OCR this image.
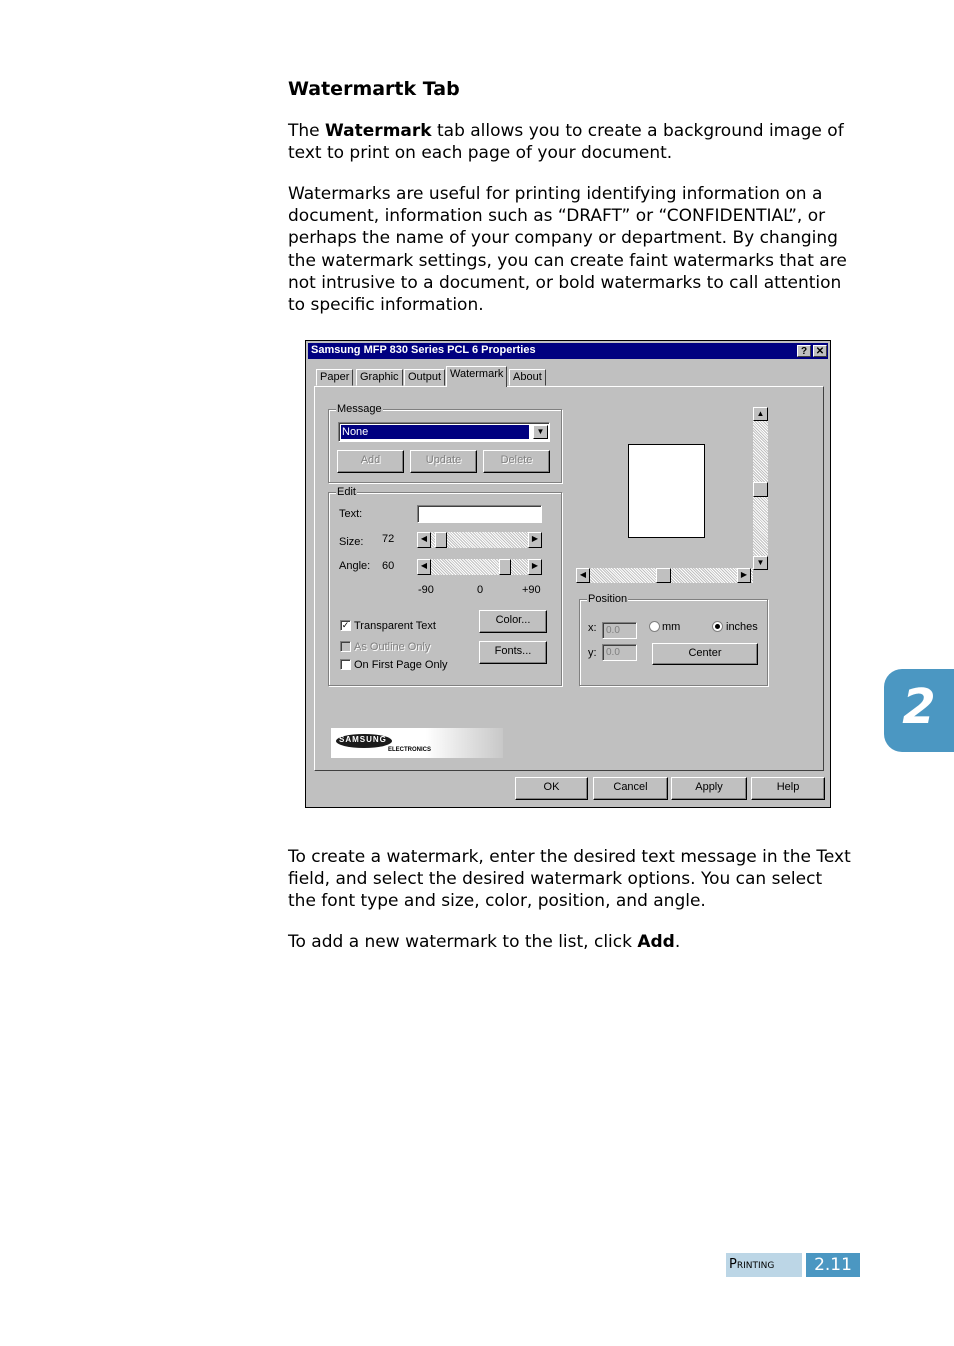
Watermartk Tab

The Watermark tab allows you to create a background image of text to print on each page of your document.

Watermarks are useful for printing identifying information on a document, information such as “DRAFT” or “CONFIDENTIAL”, or perhaps the name of your company or department. By changing the watermark settings, you can create faint watermarks that are not intrusive to a document, or bold watermarks to call attention to specific information.

Samsung MFP 830 Series PCL 6 Properties	? ✕
Paper Graphic Output Watermark About
Message
None	▼
Add	Update	Delete
Edit
Text:
Size: 72	◀	▶
Angle: 60	◀	▶
-90	0	+90
✓ Transparent Text
As Outline Only
On First Page Only
Color...
Fonts...
▲
▼
◀	▶
Position
x: 0.0
y: 0.0
mm	inches
Center
SAMSUNG
ELECTRONICS
OK	Cancel	Apply	Help

To create a watermark, enter the desired text message in the Text field, and select the desired watermark options. You can select the font type and size, color, position, and angle.

To add a new watermark to the list, click Add.

2
Printing	2.11
